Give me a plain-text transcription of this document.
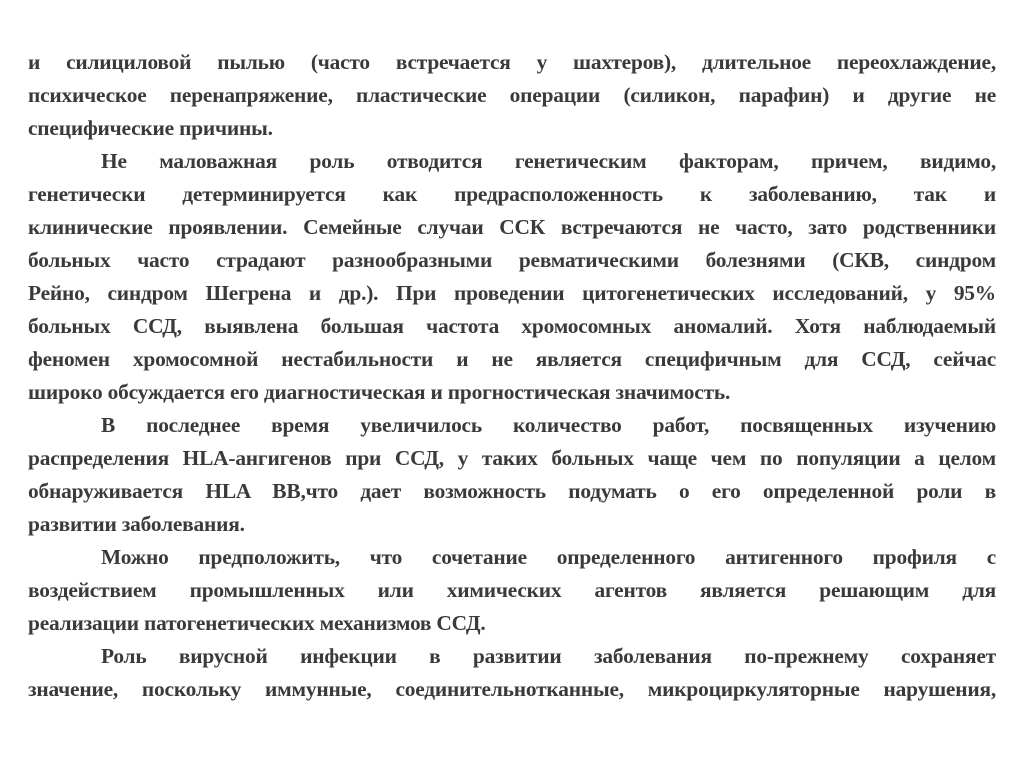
и силициловой пылью (часто встречается у шахтеров), длительное переохлаждение,
психическое перенапряжение, пластические операции (силикон, парафин) и другие не
специфические причины.
Не маловажная роль отводится генетическим факторам, причем, видимо,
генетически детерминируется как предрасположенность к заболеванию, так и
клинические проявлении. Семейные случаи ССК встречаются не часто, зато родственники
больных часто страдают разнообразными ревматическими болезнями (СКВ, синдром
Рейно, синдром Шегрена и др.). При проведении цитогенетических исследований, у 95%
больных ССД, выявлена большая частота хромосомных аномалий. Хотя наблюдаемый
феномен хромосомной нестабильности и не является специфичным для ССД, сейчас
широко обсуждается его диагностическая и прогностическая значимость.
В последнее время увеличилось количество работ, посвященных изучению
распределения HLA-ангигенов при ССД, у таких больных чаще чем по популяции а целом
обнаруживается HLA BB,что дает возможность подумать о его определенной роли в
развитии заболевания.
Можно предположить, что сочетание определенного антигенного профиля с
воздействием промышленных или химических агентов является решающим для
реализации патогенетических механизмов ССД.
Роль вирусной инфекции в развитии заболевания по-прежнему сохраняет
значение, поскольку иммунные, соединительнотканные, микроциркуляторные нарушения,
